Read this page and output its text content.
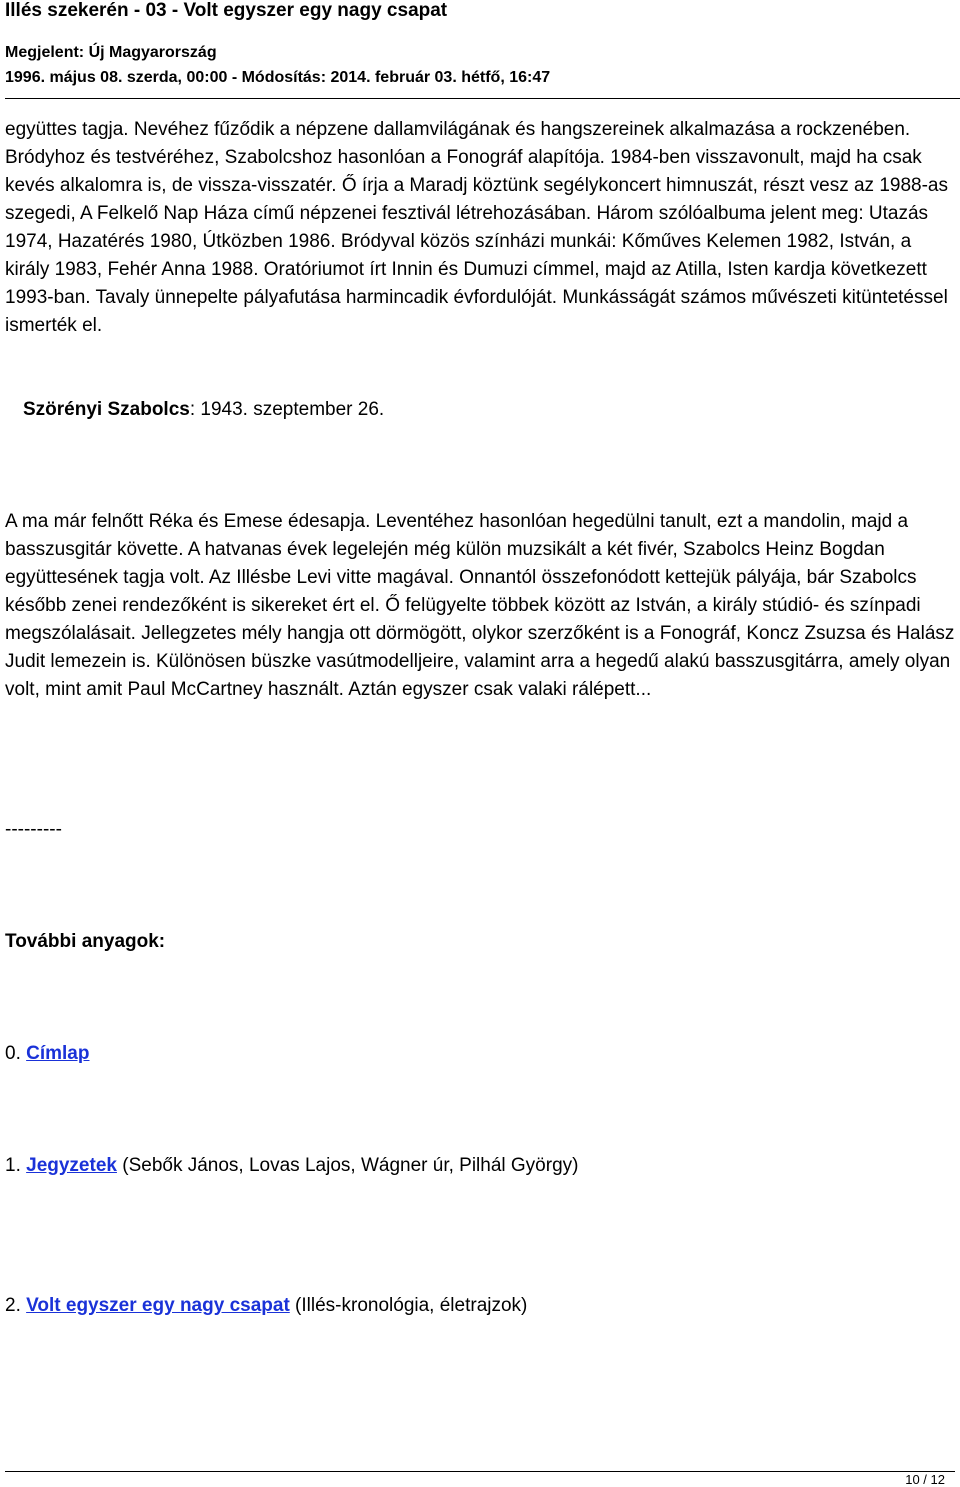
Illés szekerén - 03 - Volt egyszer egy nagy csapat
Megjelent: Új Magyarország
1996. május 08. szerda, 00:00 - Módosítás: 2014. február 03. hétfő, 16:47

együttes tagja. Nevéhez fűződik a népzene dallamvilágának és hangszereinek alkalmazása a rockzenében. Bródyhoz és testvéréhez, Szabolcshoz hasonlóan a Fonográf alapítója. 1984-ben visszavonult, majd ha csak kevés alkalomra is, de vissza-visszatér. Ő írja a Maradj köztünk segélykoncert himnuszát, részt vesz az 1988-as szegedi, A Felkelő Nap Háza című népzenei fesztivál létrehozásában. Három szólóalbuma jelent meg: Utazás 1974, Hazatérés 1980, Útközben 1986. Bródyval közös színházi munkái: Kőműves Kelemen 1982, István, a király 1983, Fehér Anna 1988. Oratóriumot írt Innin és Dumuzi címmel, majd az Atilla, Isten kardja következett 1993-ban. Tavaly ünnepelte pályafutása harmincadik évfordulóját. Munkásságát számos művészeti kitüntetéssel ismerték el.

Szörényi Szabolcs: 1943. szeptember 26.

A ma már felnőtt Réka és Emese édesapja. Leventéhez hasonlóan hegedülni tanult, ezt a mandolin, majd a basszusgitár követte. A hatvanas évek legelején még külön muzsikált a két fivér, Szabolcs Heinz Bogdan együttesének tagja volt. Az Illésbe Levi vitte magával. Onnantól összefonódott kettejük pályája, bár Szabolcs később zenei rendezőként is sikereket ért el. Ő felügyelte többek között az István, a király stúdió- és színpadi megszólalásait. Jellegzetes mély hangja ott dörmögött, olykor szerzőként is a Fonográf, Koncz Zsuzsa és Halász Judit lemezein is. Különösen büszke vasútmodelljeire, valamint arra a hegedű alakú basszusgitárra, amely olyan volt, mint amit Paul McCartney használt. Aztán egyszer csak valaki rálépett...

---------
További anyagok:
0. Címlap
1. Jegyzetek (Sebők János, Lovas Lajos, Wágner úr, Pilhál György)
2. Volt egyszer egy nagy csapat (Illés-kronológia, életrajzok)
10 / 12
